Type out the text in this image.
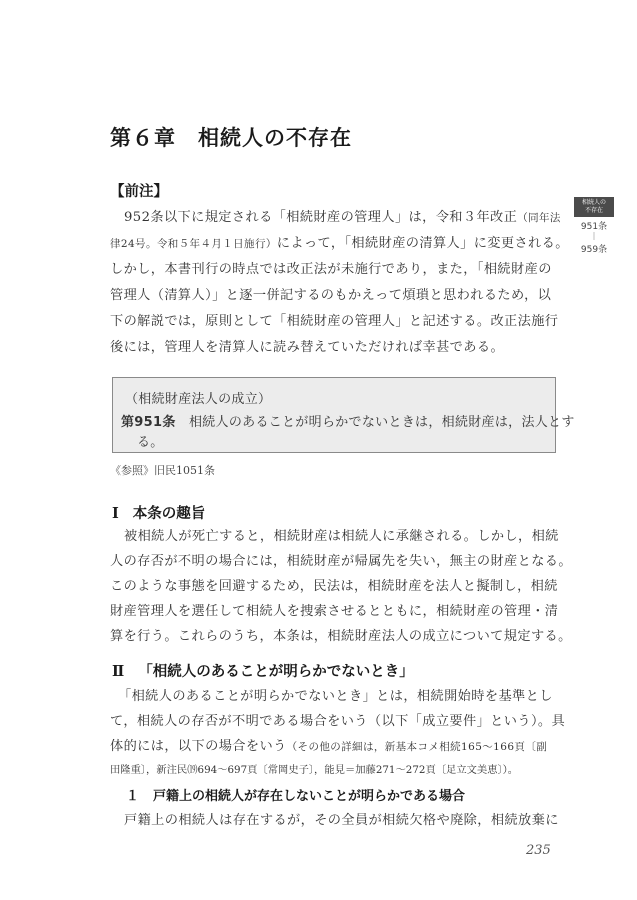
第６章　相続人の不存在
相続人の
不存在
951条
｜
959条
【前注】
952条以下に規定される「相続財産の管理人」は，令和３年改正（同年法
律24号。令和５年４月１日施行）によって，「相続財産の清算人」に変更される。
しかし，本書刊行の時点では改正法が未施行であり，また，「相続財産の
管理人（清算人）」と逐一併記するのもかえって煩瑣と思われるため，以
下の解説では，原則として「相続財産の管理人」と記述する。改正法施行
後には，管理人を清算人に読み替えていただければ幸甚である。
（相続財産法人の成立）
第951条　 相続人のあることが明らかでないときは，相続財産は，法人とす
る。
《参照》旧民1051条
Ⅰ 本条の趣旨
被相続人が死亡すると，相続財産は相続人に承継される。しかし，相続
人の存否が不明の場合には，相続財産が帰属先を失い，無主の財産となる。
このような事態を回避するため，民法は，相続財産を法人と擬制し，相続
財産管理人を選任して相続人を捜索させるとともに，相続財産の管理・清
算を行う。これらのうち，本条は，相続財産法人の成立について規定する。
Ⅱ 「相続人のあることが明らかでないとき」
「相続人のあることが明らかでないとき」とは，相続開始時を基準とし
て，相続人の存否が不明である場合をいう（以下「成立要件」という）。具
体的には，以下の場合をいう（その他の詳細は，新基本コメ相続165～166頁〔副
田隆重〕，新注民⒆694～697頁〔常岡史子〕，能見＝加藤271～272頁〔足立文美恵〕）。
１ 戸籍上の相続人が存在しないことが明らかである場合
戸籍上の相続人は存在するが，その全員が相続欠格や廃除，相続放棄に
235
